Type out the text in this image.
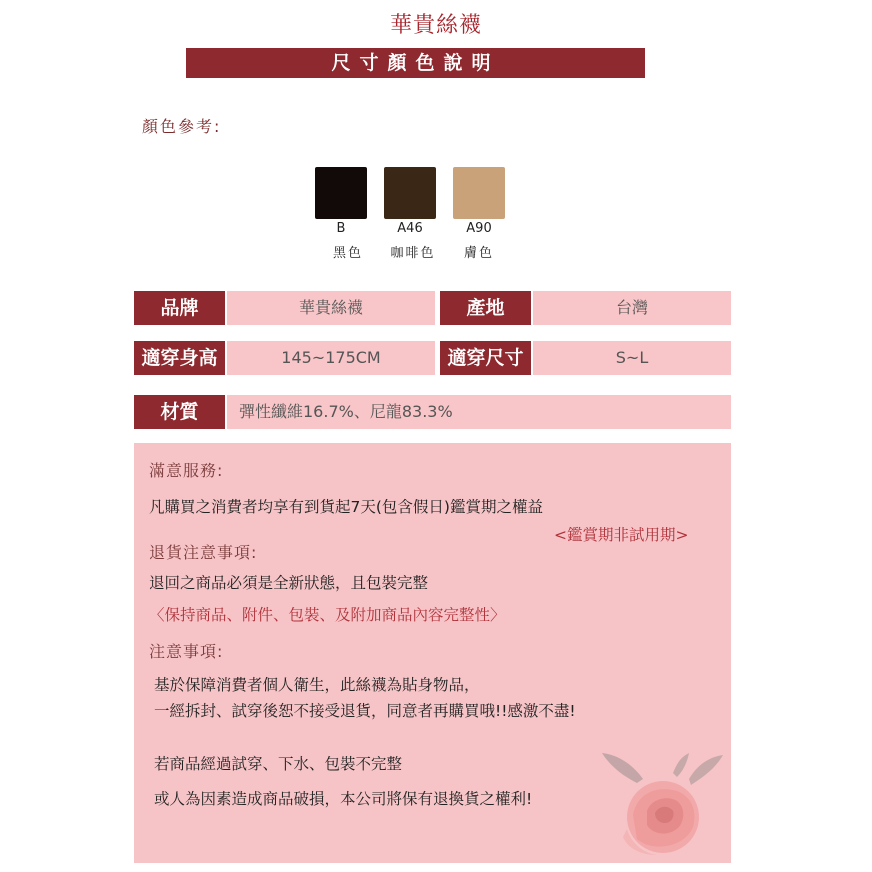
華貴絲襪
尺寸顏色說明
顏色參考:
B	A46	A90
黑色	咖啡色	膚色
品牌	華貴絲襪	產地	台灣
適穿身高	145~175CM	適穿尺寸	S~L
材質	彈性纖維16.7%、尼龍83.3%
滿意服務:
凡購買之消費者均享有到貨起7天(包含假日)鑑賞期之權益
<鑑賞期非試用期>
退貨注意事項:
退回之商品必須是全新狀態，且包裝完整
〈保持商品、附件、包裝、及附加商品內容完整性〉
注意事項:
基於保障消費者個人衛生，此絲襪為貼身物品，
一經拆封、試穿後恕不接受退貨，同意者再購買哦!!感激不盡!
若商品經過試穿、下水、包裝不完整
或人為因素造成商品破損，本公司將保有退換貨之權利!
